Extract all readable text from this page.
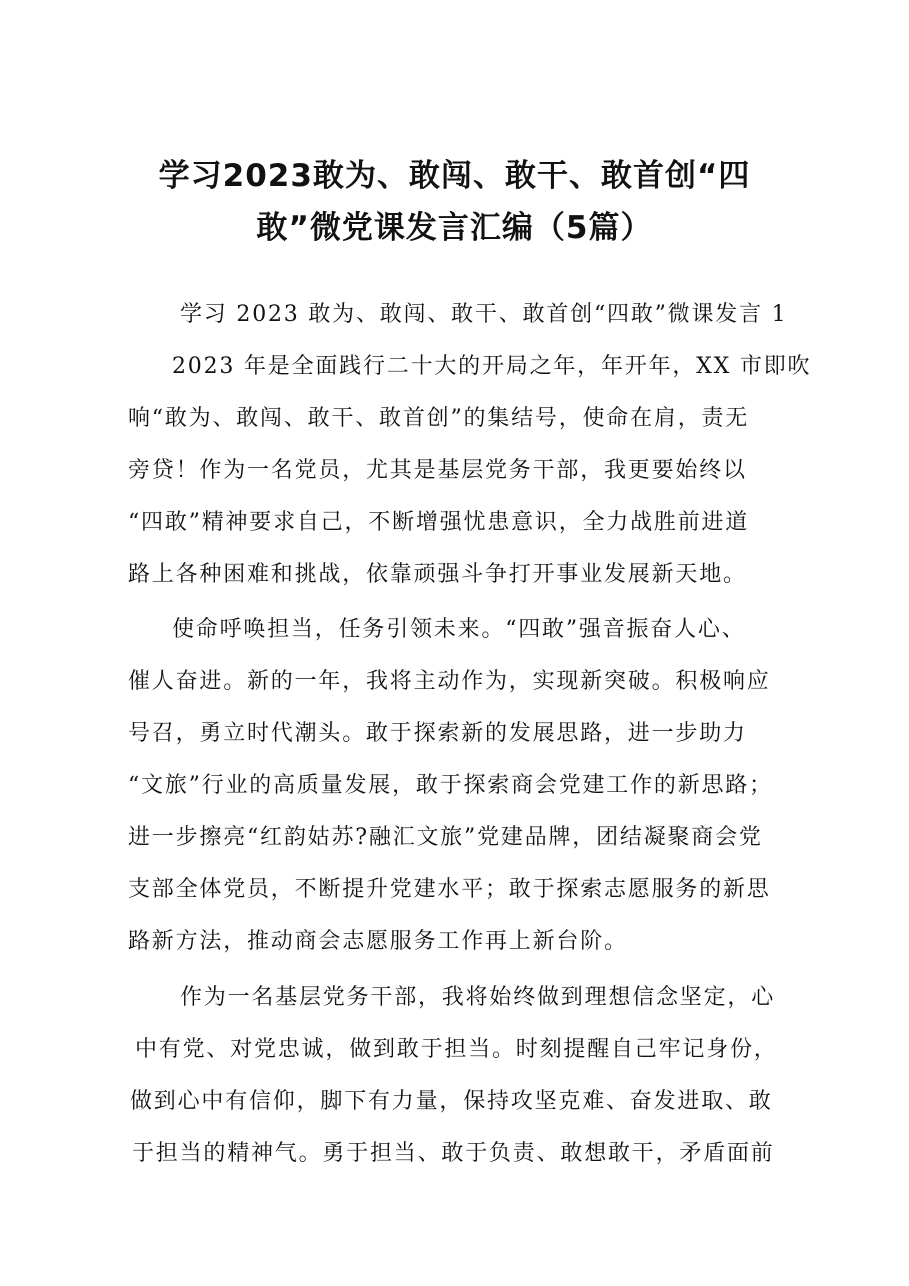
学习2023敢为、敢闯、敢干、敢首创“四
敢”微党课发言汇编（5篇）
学习 2023 敢为、敢闯、敢干、敢首创“四敢”微课发言 1
2023 年是全面践行二十大的开局之年，年开年，XX 市即吹
响“敢为、敢闯、敢干、敢首创”的集结号，使命在肩，责无
旁贷！作为一名党员，尤其是基层党务干部，我更要始终以
“四敢”精神要求自己，不断增强忧患意识，全力战胜前进道
路上各种困难和挑战，依靠顽强斗争打开事业发展新天地。
使命呼唤担当，任务引领未来。“四敢”强音振奋人心、
催人奋进。新的一年，我将主动作为，实现新突破。积极响应
号召，勇立时代潮头。敢于探索新的发展思路，进一步助力
“文旅”行业的高质量发展，敢于探索商会党建工作的新思路；
进一步擦亮“红韵姑苏?融汇文旅”党建品牌，团结凝聚商会党
支部全体党员，不断提升党建水平；敢于探索志愿服务的新思
路新方法，推动商会志愿服务工作再上新台阶。
作为一名基层党务干部，我将始终做到理想信念坚定，心
中有党、对党忠诚，做到敢于担当。时刻提醒自己牢记身份，
做到心中有信仰，脚下有力量，保持攻坚克难、奋发进取、敢
于担当的精神气。勇于担当、敢于负责、敢想敢干，矛盾面前
